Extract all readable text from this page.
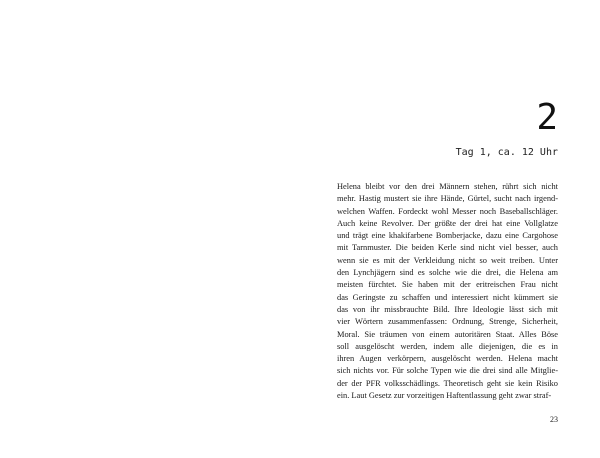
2
Tag 1, ca. 12 Uhr
Helena bleibt vor den drei Männern stehen, rührt sich nicht
mehr. Hastig mustert sie ihre Hände, Gürtel, sucht nach irgend-
welchen Waffen. Fordeckt wohl Messer noch Baseballschläger.
Auch keine Revolver. Der größte der drei hat eine Vollglatze
und trägt eine khakifarbene Bomberjacke, dazu eine Cargohose
mit Tarnmuster. Die beiden Kerle sind nicht viel besser, auch
wenn sie es mit der Verkleidung nicht so weit treiben. Unter
den Lynchjägern sind es solche wie die drei, die Helena am
meisten fürchtet. Sie haben mit der eritreischen Frau nicht
das Geringste zu schaffen und interessiert nicht kümmert sie
das von ihr missbrauchte Bild. Ihre Ideologie lässt sich mit
vier Wörtern zusammenfassen: Ordnung, Strenge, Sicherheit,
Moral. Sie träumen von einem autoritären Staat. Alles Böse
soll ausgelöscht werden, indem alle diejenigen, die es in
ihren Augen verkörpern, ausgelöscht werden. Helena macht
sich nichts vor. Für solche Typen wie die drei sind alle Mitglie-
der der PFR volksschädlings. Theoretisch geht sie kein Risiko
ein. Laut Gesetz zur vorzeitigen Haftentlassung geht zwar straf-
23
